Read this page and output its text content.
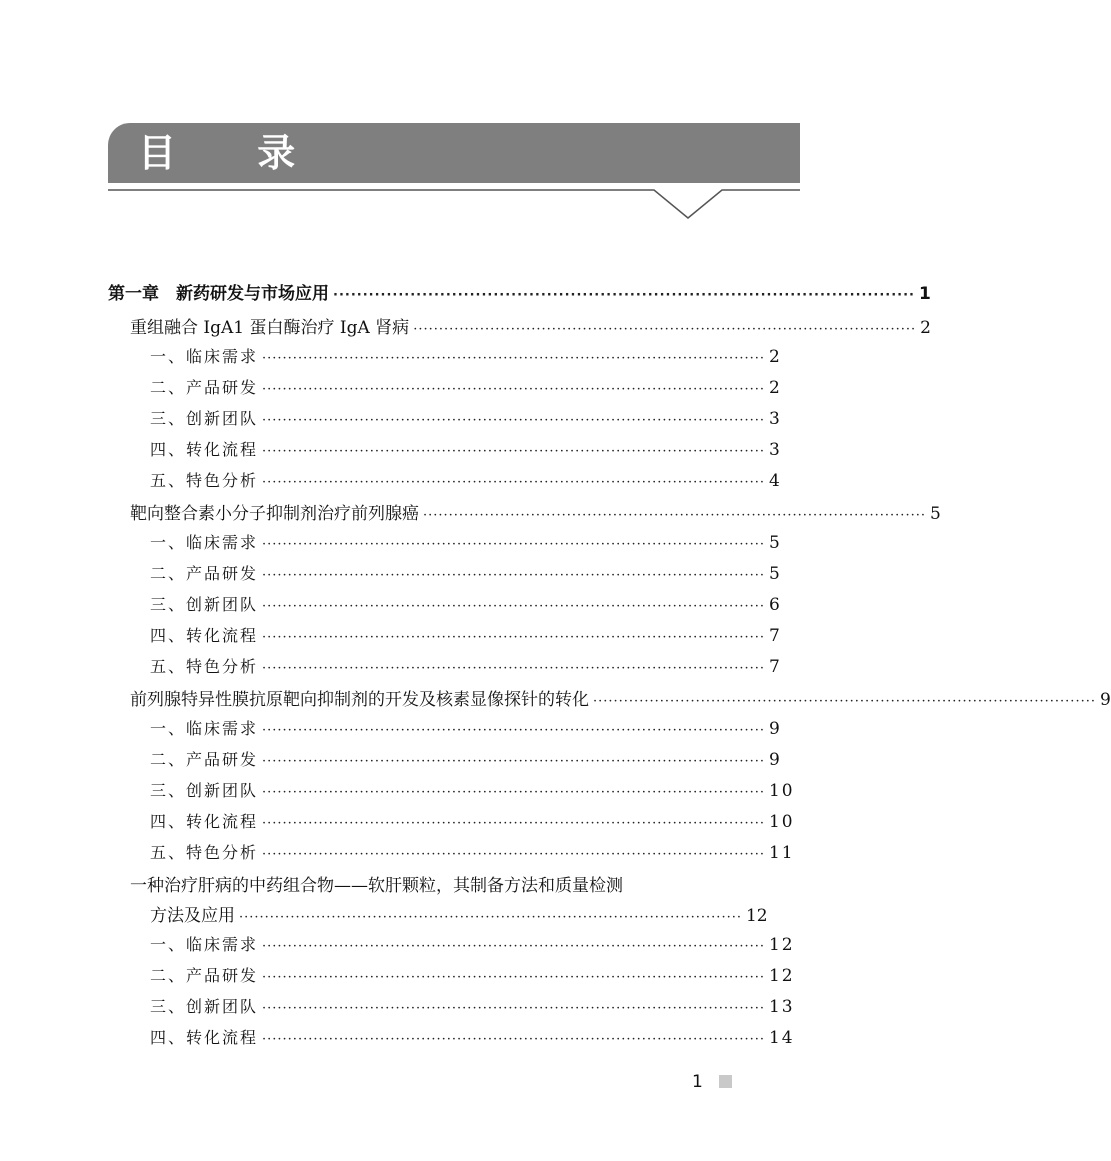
目 录
第一章　新药研发与市场应用 ·································································································· 1
重组融合 IgA1 蛋白酶治疗 IgA 肾病 ·································································································· 2
一、临床需求 ·································································································· 2
二、产品研发 ·································································································· 2
三、创新团队 ·································································································· 3
四、转化流程 ·································································································· 3
五、特色分析 ·································································································· 4
靶向整合素小分子抑制剂治疗前列腺癌 ·································································································· 5
一、临床需求 ·································································································· 5
二、产品研发 ·································································································· 5
三、创新团队 ·································································································· 6
四、转化流程 ·································································································· 7
五、特色分析 ·································································································· 7
前列腺特异性膜抗原靶向抑制剂的开发及核素显像探针的转化 ·································································································· 9
一、临床需求 ·································································································· 9
二、产品研发 ·································································································· 9
三、创新团队 ·································································································· 10
四、转化流程 ·································································································· 10
五、特色分析 ·································································································· 11
一种治疗肝病的中药组合物——软肝颗粒，其制备方法和质量检测
方法及应用 ·································································································· 12
一、临床需求 ·································································································· 12
二、产品研发 ·································································································· 12
三、创新团队 ·································································································· 13
四、转化流程 ·································································································· 14
1
